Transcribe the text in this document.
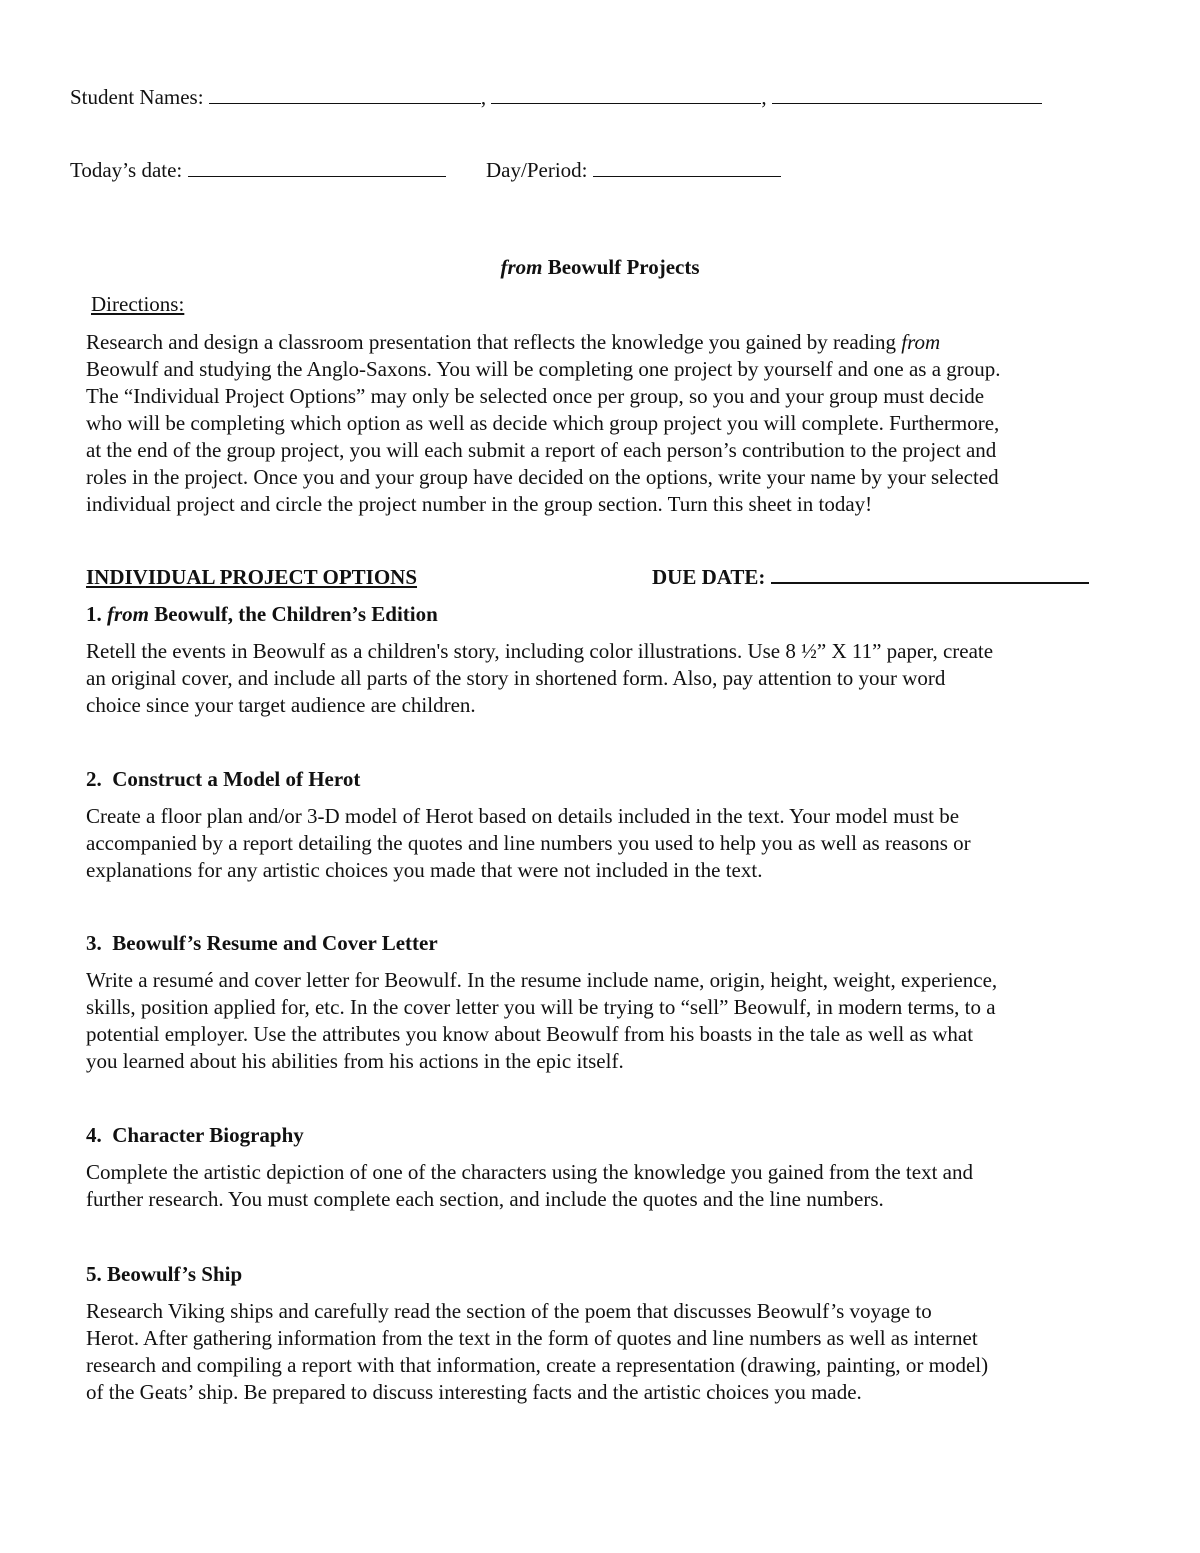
Student Names:	,	,
Today’s date:	Day/Period:
from Beowulf Projects
Directions:
Research and design a classroom presentation that reflects the knowledge you gained by reading from
Beowulf and studying the Anglo-Saxons. You will be completing one project by yourself and one as a group.
The “Individual Project Options” may only be selected once per group, so you and your group must decide
who will be completing which option as well as decide which group project you will complete. Furthermore,
at the end of the group project, you will each submit a report of each person’s contribution to the project and
roles in the project. Once you and your group have decided on the options, write your name by your selected
individual project and circle the project number in the group section. Turn this sheet in today!
INDIVIDUAL PROJECT OPTIONS	DUE DATE:
1. from Beowulf, the Children’s Edition
Retell the events in Beowulf as a children's story, including color illustrations. Use 8 ½” X 11” paper, create
an original cover, and include all parts of the story in shortened form. Also, pay attention to your word
choice since your target audience are children.
2.  Construct a Model of Herot
Create a floor plan and/or 3-D model of Herot based on details included in the text. Your model must be
accompanied by a report detailing the quotes and line numbers you used to help you as well as reasons or
explanations for any artistic choices you made that were not included in the text.
3.  Beowulf’s Resume and Cover Letter
Write a resumé and cover letter for Beowulf. In the resume include name, origin, height, weight, experience,
skills, position applied for, etc. In the cover letter you will be trying to “sell” Beowulf, in modern terms, to a
potential employer. Use the attributes you know about Beowulf from his boasts in the tale as well as what
you learned about his abilities from his actions in the epic itself.
4.  Character Biography
Complete the artistic depiction of one of the characters using the knowledge you gained from the text and
further research. You must complete each section, and include the quotes and the line numbers.
5. Beowulf’s Ship
Research Viking ships and carefully read the section of the poem that discusses Beowulf’s voyage to
Herot. After gathering information from the text in the form of quotes and line numbers as well as internet
research and compiling a report with that information, create a representation (drawing, painting, or model)
of the Geats’ ship. Be prepared to discuss interesting facts and the artistic choices you made.
